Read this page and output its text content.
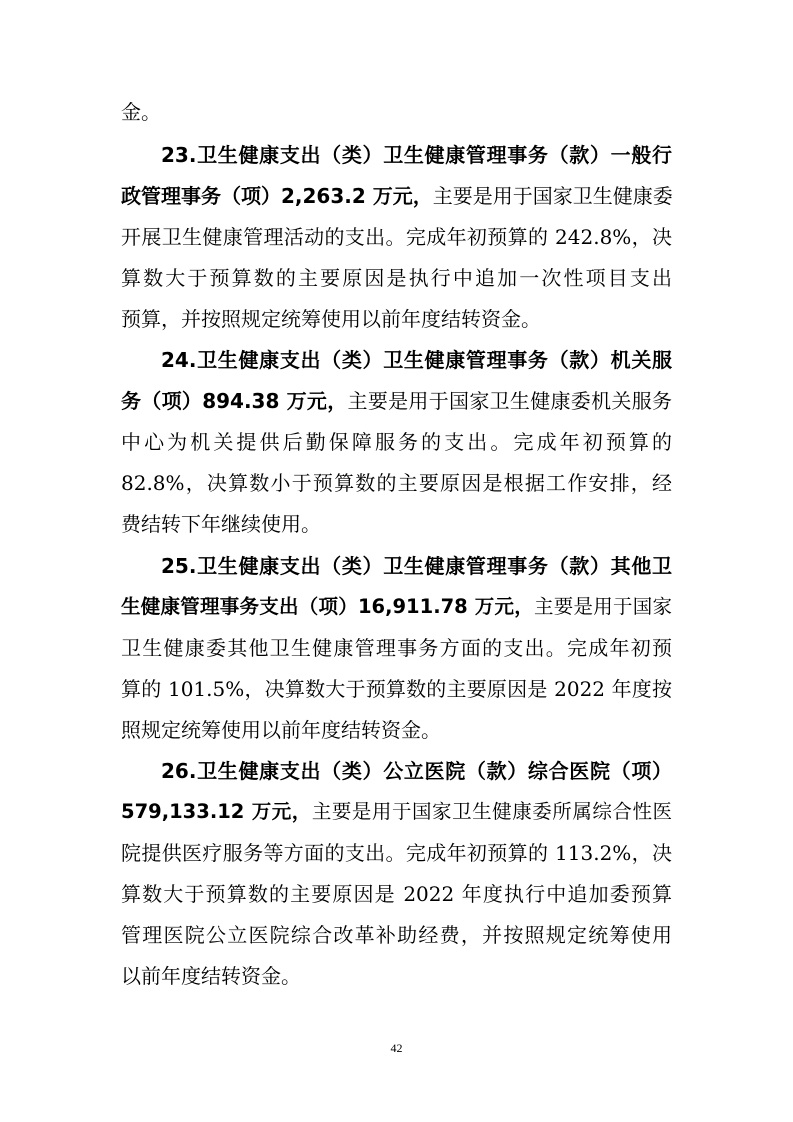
金。
23.卫生健康支出（类）卫生健康管理事务（款）一般行
政管理事务（项）2,263.2 万元，主要是用于国家卫生健康委
开展卫生健康管理活动的支出。完成年初预算的 242.8%，决
算数大于预算数的主要原因是执行中追加一次性项目支出
预算，并按照规定统筹使用以前年度结转资金。
24.卫生健康支出（类）卫生健康管理事务（款）机关服
务（项）894.38 万元，主要是用于国家卫生健康委机关服务
中心为机关提供后勤保障服务的支出。完成年初预算的
82.8%，决算数小于预算数的主要原因是根据工作安排，经
费结转下年继续使用。
25.卫生健康支出（类）卫生健康管理事务（款）其他卫
生健康管理事务支出（项）16,911.78 万元，主要是用于国家
卫生健康委其他卫生健康管理事务方面的支出。完成年初预
算的 101.5%，决算数大于预算数的主要原因是 2022 年度按
照规定统筹使用以前年度结转资金。
26.卫生健康支出（类）公立医院（款）综合医院（项）
579,133.12 万元，主要是用于国家卫生健康委所属综合性医
院提供医疗服务等方面的支出。完成年初预算的 113.2%，决
算数大于预算数的主要原因是 2022 年度执行中追加委预算
管理医院公立医院综合改革补助经费，并按照规定统筹使用
以前年度结转资金。
42
